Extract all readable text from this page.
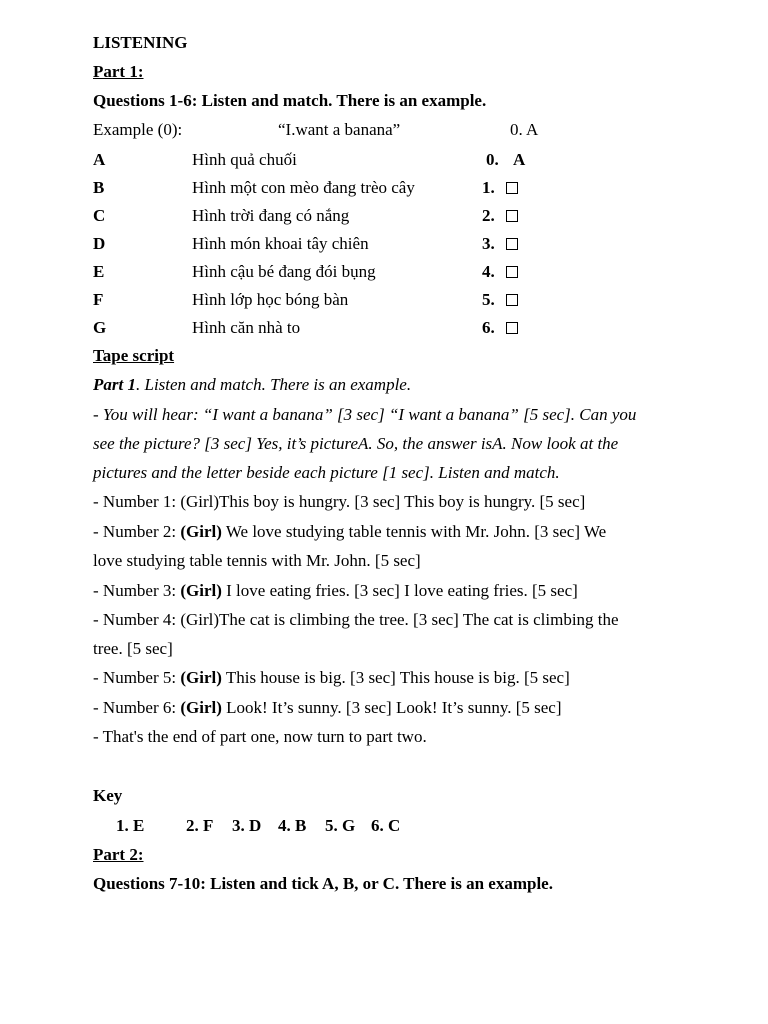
LISTENING
Part 1:
Questions 1-6: Listen and match. There is an example.
Example (0):	“I.want a banana”	0. A
A	Hình quả chuối	0. A
B	Hình một con mèo đang trèo cây	1.
C	Hình trời đang có nắng	2.
D	Hình món khoai tây chiên	3.
E	Hình cậu bé đang đói bụng	4.
F	Hình lớp học bóng bàn	5.
G	Hình căn nhà to	6.
Tape script
Part 1. Listen and match. There is an example.
- You will hear: “I want a banana” [3 sec] “I want a banana” [5 sec]. Can you
see the picture? [3 sec] Yes, it’s pictureA. So, the answer isA. Now look at the
pictures and the letter beside each picture [1 sec]. Listen and match.
- Number 1: (Girl)This boy is hungry. [3 sec] This boy is hungry. [5 sec]
- Number 2: (Girl) We love studying table tennis with Mr. John. [3 sec] We
love studying table tennis with Mr. John. [5 sec]
- Number 3: (Girl) I love eating fries. [3 sec] I love eating fries. [5 sec]
- Number 4: (Girl)The cat is climbing the tree. [3 sec] The cat is climbing the
tree. [5 sec]
- Number 5: (Girl) This house is big. [3 sec] This house is big. [5 sec]
- Number 6: (Girl) Look! It’s sunny. [3 sec] Look! It’s sunny. [5 sec]
- That's the end of part one, now turn to part two.
Key
1. E 2. F 3. D 4. B 5. G 6. C
Part 2:
Questions 7-10: Listen and tick A, B, or C. There is an example.
